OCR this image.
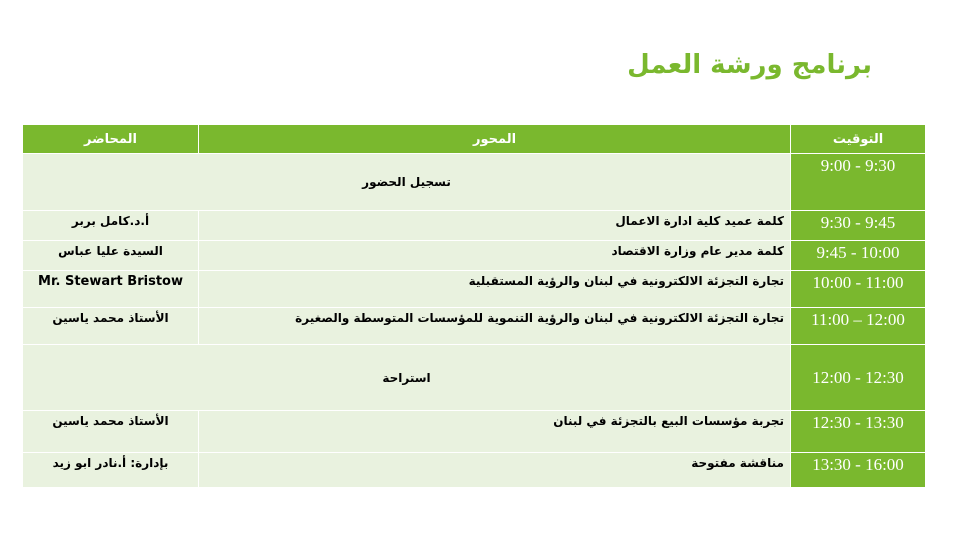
برنامج ورشة العمل
التوقيت	المحور	المحاضر
9:00 - 9:30	تسجيل الحضور	
9:30 - 9:45	كلمة عميد كلية ادارة الاعمال	أ.د.كامل بربر
9:45 - 10:00	كلمة مدير عام وزارة الاقتصاد	السيدة عليا عباس
10:00 - 11:00	تجارة التجزئة الالكترونية في لبنان والرؤية المستقبلية	Mr. Stewart Bristow
11:00 – 12:00	تجارة التجزئة الالكترونية في لبنان والرؤية التنموية للمؤسسات المتوسطة والصغيرة	الأستاذ محمد ياسين
12:00 - 12:30	استراحة	
12:30 - 13:30	تجربة مؤسسات البيع بالتجزئة في لبنان	الأستاذ محمد ياسين
13:30 - 16:00	مناقشة مفتوحة	بإدارة: أ.نادر ابو زيد
